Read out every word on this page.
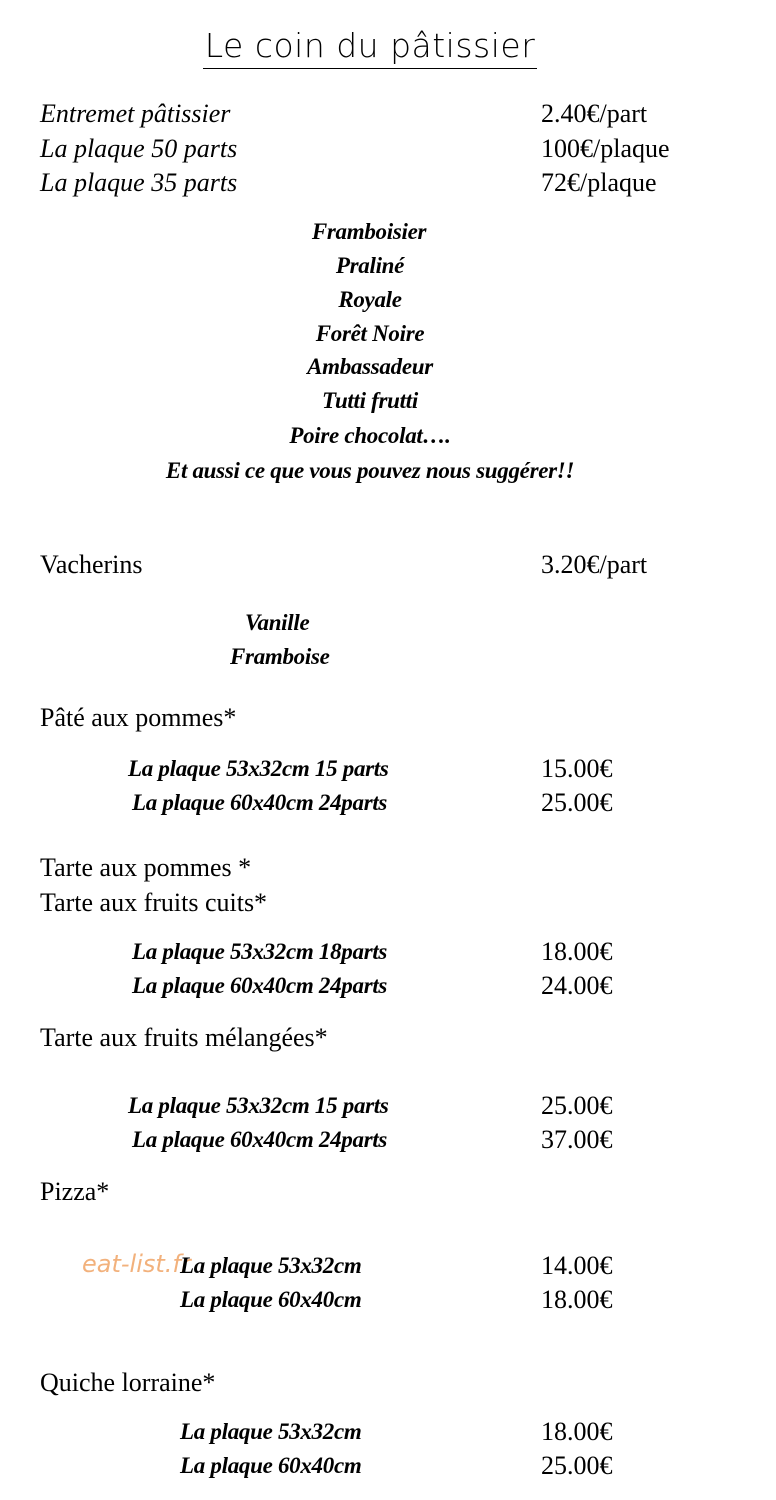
Le coin du pâtissier
Entremet pâtissier	2.40€/part
La plaque 50 parts	100€/plaque
La plaque 35 parts	72€/plaque
Framboisier
Praliné
Royale
Forêt Noire
Ambassadeur
Tutti frutti
Poire chocolat….
Et aussi ce que vous pouvez nous suggérer!!
Vacherins	3.20€/part
Vanille
Framboise
Pâté aux pommes*
La plaque 53x32cm 15 parts	15.00€
La plaque 60x40cm 24parts	25.00€
Tarte aux pommes *
Tarte aux fruits cuits*
La plaque 53x32cm 18parts	18.00€
La plaque 60x40cm 24parts	24.00€
Tarte aux fruits mélangées*
La plaque 53x32cm 15 parts	25.00€
La plaque 60x40cm 24parts	37.00€
Pizza*
eat-list.fr
La plaque 53x32cm	14.00€
La plaque 60x40cm	18.00€
Quiche lorraine*
La plaque 53x32cm	18.00€
La plaque 60x40cm	25.00€
